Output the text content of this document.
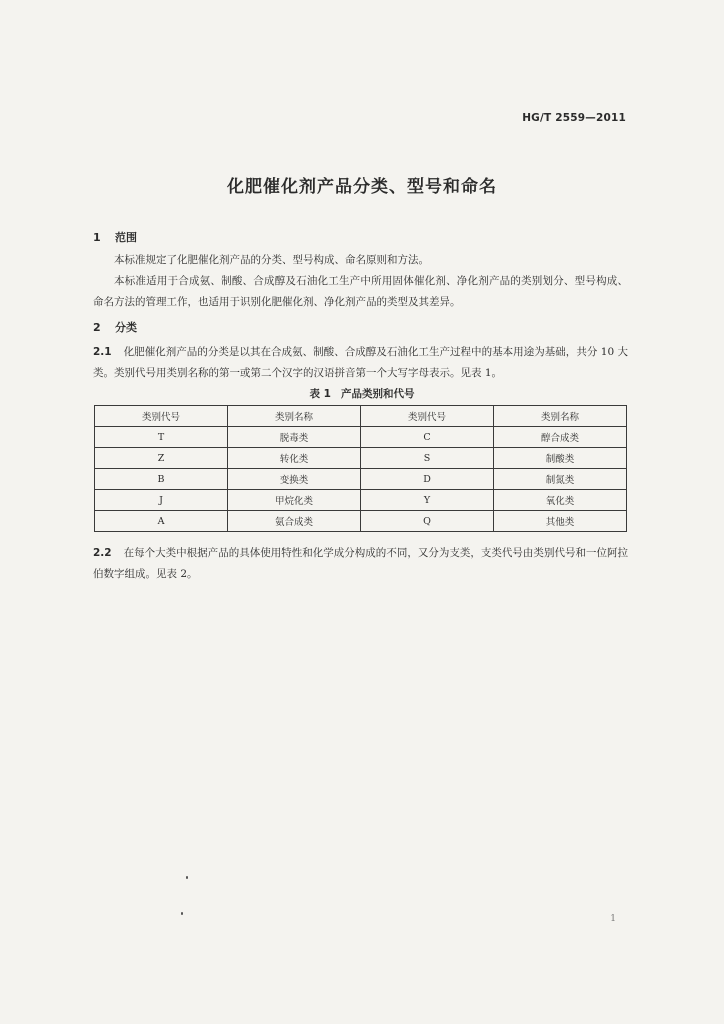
HG/T 2559—2011
化肥催化剂产品分类、型号和命名
1 范围
本标准规定了化肥催化剂产品的分类、型号构成、命名原则和方法。
本标准适用于合成氨、制酸、合成醇及石油化工生产中所用固体催化剂、净化剂产品的类别划分、型号构成、命名方法的管理工作，也适用于识别化肥催化剂、净化剂产品的类型及其差异。
2 分类
2.1 化肥催化剂产品的分类是以其在合成氨、制酸、合成醇及石油化工生产过程中的基本用途为基础，共分 10 大类。类别代号用类别名称的第一或第二个汉字的汉语拼音第一个大写字母表示。见表 1。
表 1 产品类别和代号
类别代号	类别名称	类别代号	类别名称
T	脱毒类	C	醇合成类
Z	转化类	S	制酸类
B	变换类	D	制氮类
J	甲烷化类	Y	氧化类
A	氨合成类	Q	其他类
2.2 在每个大类中根据产品的具体使用特性和化学成分构成的不同，又分为支类，支类代号由类别代号和一位阿拉伯数字组成。见表 2。
1
